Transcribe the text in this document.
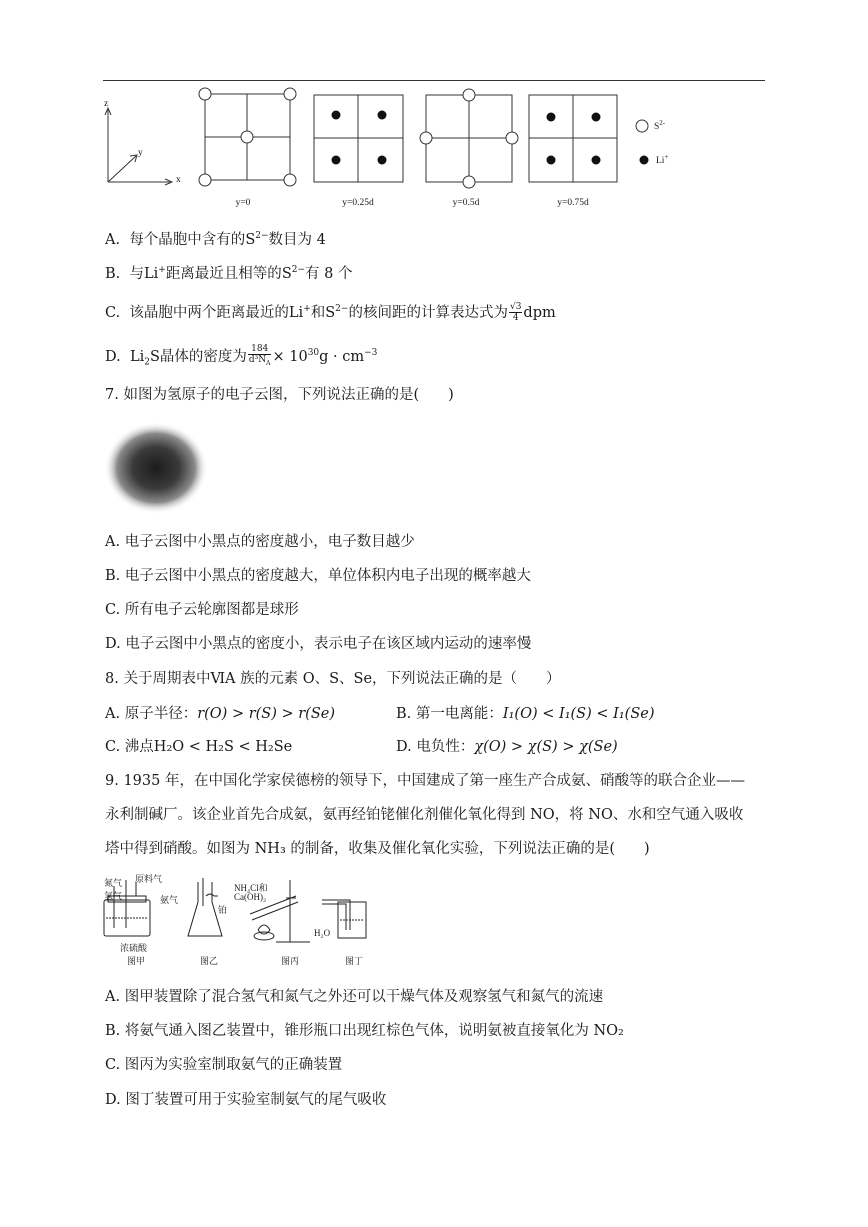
z
y
x
y=0	y=0.25d	y=0.5d	y=0.75d
$S^{2-}$
Li+
A. 每个晶胞中含有的$S^{2-}$数目为 4
B. 与Li+距离最近且相等的$S^{2-}$有 8 个
C. 该晶胞中两个距离最近的Li+和$S^{2-}$的核间距的计算表达式为 $\frac{√3}{4}$ dpm
D. $Li_2S$晶体的密度为 $\frac{184}{d^3N_A} \times 10^{30}g \cdot cm^{-3}$
7. 如图为氢原子的电子云图，下列说法正确的是(　　)
A. 电子云图中小黑点的密度越小，电子数目越少
B. 电子云图中小黑点的密度越大，单位体积内电子出现的概率越大
C. 所有电子云轮廓图都是球形
D. 电子云图中小黑点的密度小，表示电子在该区域内运动的速率慢
8. 关于周期表中ⅥA 族的元素 O、S、Se，下列说法正确的是（　　）
A. 原子半径：r(O) > r(S) > r(Se)	B. 第一电离能：I₁(O) < I₁(S) < I₁(Se)
C. 沸点H₂O < H₂S < H₂Se	D. 电负性：χ(O) > χ(S) > χ(Se)
9. 1935 年，在中国化学家侯德榜的领导下，中国建成了第一座生产合成氨、硝酸等的联合企业——
永利制碱厂。该企业首先合成氨，氨再经铂铑催化剂催化氧化得到 NO，将 NO、水和空气通入吸收
塔中得到硝酸。如图为 NH₃ 的制备，收集及催化氧化实验，下列说法正确的是(　　)
氮气 原料气
氢气	氨气
浓硫酸
图甲
铂
图乙
NH₄Cl和
Ca(OH)₂
图丙
H₂O
图丁
A. 图甲装置除了混合氢气和氮气之外还可以干燥气体及观察氢气和氮气的流速
B. 将氨气通入图乙装置中，锥形瓶口出现红棕色气体，说明氨被直接氧化为 NO₂
C. 图丙为实验室制取氨气的正确装置
D. 图丁装置可用于实验室制氨气的尾气吸收
